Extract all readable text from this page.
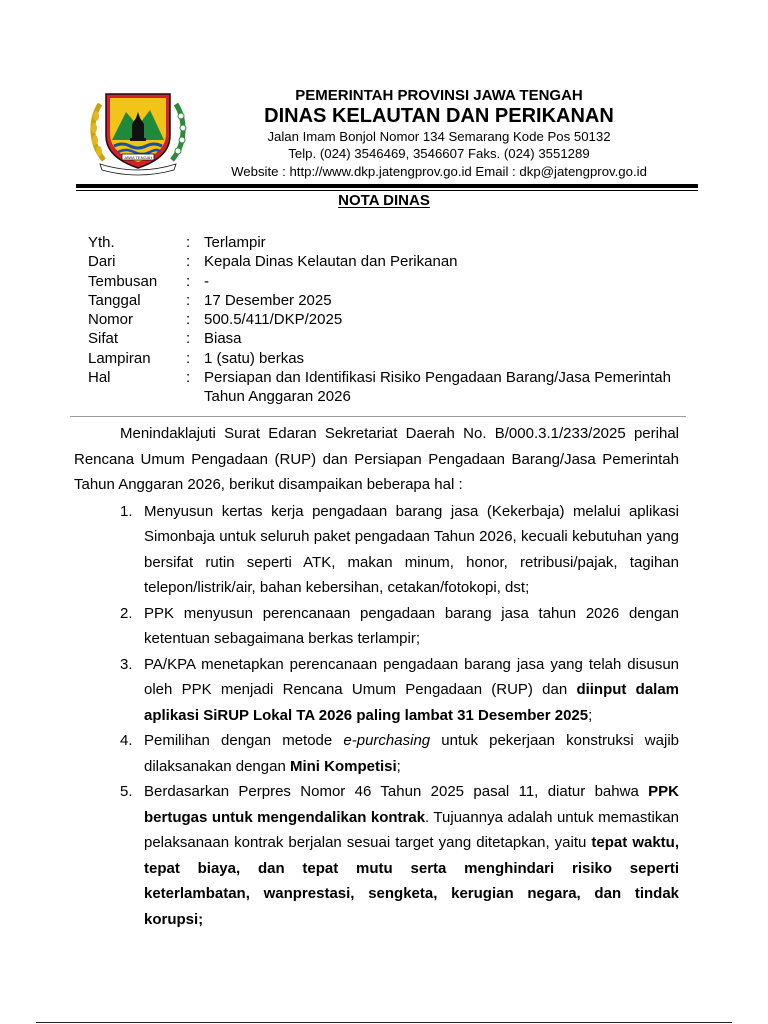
JAWA TENGAH
PEMERINTAH PROVINSI JAWA TENGAH
DINAS KELAUTAN DAN PERIKANAN
Jalan Imam Bonjol Nomor 134 Semarang Kode Pos 50132
Telp. (024) 3546469, 3546607 Faks. (024) 3551289
Website : http://www.dkp.jatengprov.go.id Email : dkp@jatengprov.go.id
NOTA DINAS
Yth.	: Terlampir
Dari	: Kepala Dinas Kelautan dan Perikanan
Tembusan : -
Tanggal	: 17 Desember 2025
Nomor	: 500.5/411/DKP/2025
Sifat	: Biasa
Lampiran : 1 (satu) berkas
Hal	: Persiapan dan Identifikasi Risiko Pengadaan Barang/Jasa Pemerintah Tahun Anggaran 2026

Menindaklajuti Surat Edaran Sekretariat Daerah No. B/000.3.1/233/2025 perihal Rencana Umum Pengadaan (RUP) dan Persiapan Pengadaan Barang/Jasa Pemerintah Tahun Anggaran 2026, berikut disampaikan beberapa hal :

1. Menyusun kertas kerja pengadaan barang jasa (Kekerbaja) melalui aplikasi Simonbaja untuk seluruh paket pengadaan Tahun 2026, kecuali kebutuhan yang bersifat rutin seperti ATK, makan minum, honor, retribusi/pajak, tagihan telepon/listrik/air, bahan kebersihan, cetakan/fotokopi, dst;
2. PPK menyusun perencanaan pengadaan barang jasa tahun 2026 dengan ketentuan sebagaimana berkas terlampir;
3. PA/KPA menetapkan perencanaan pengadaan barang jasa yang telah disusun oleh PPK menjadi Rencana Umum Pengadaan (RUP) dan diinput dalam aplikasi SiRUP Lokal TA 2026 paling lambat 31 Desember 2025;
4. Pemilihan dengan metode e-purchasing untuk pekerjaan konstruksi wajib dilaksanakan dengan Mini Kompetisi;
5. Berdasarkan Perpres Nomor 46 Tahun 2025 pasal 11, diatur bahwa PPK bertugas untuk mengendalikan kontrak. Tujuannya adalah untuk memastikan pelaksanaan kontrak berjalan sesuai target yang ditetapkan, yaitu tepat waktu, tepat biaya, dan tepat mutu serta menghindari risiko seperti keterlambatan, wanprestasi, sengketa, kerugian negara, dan tindak korupsi;
